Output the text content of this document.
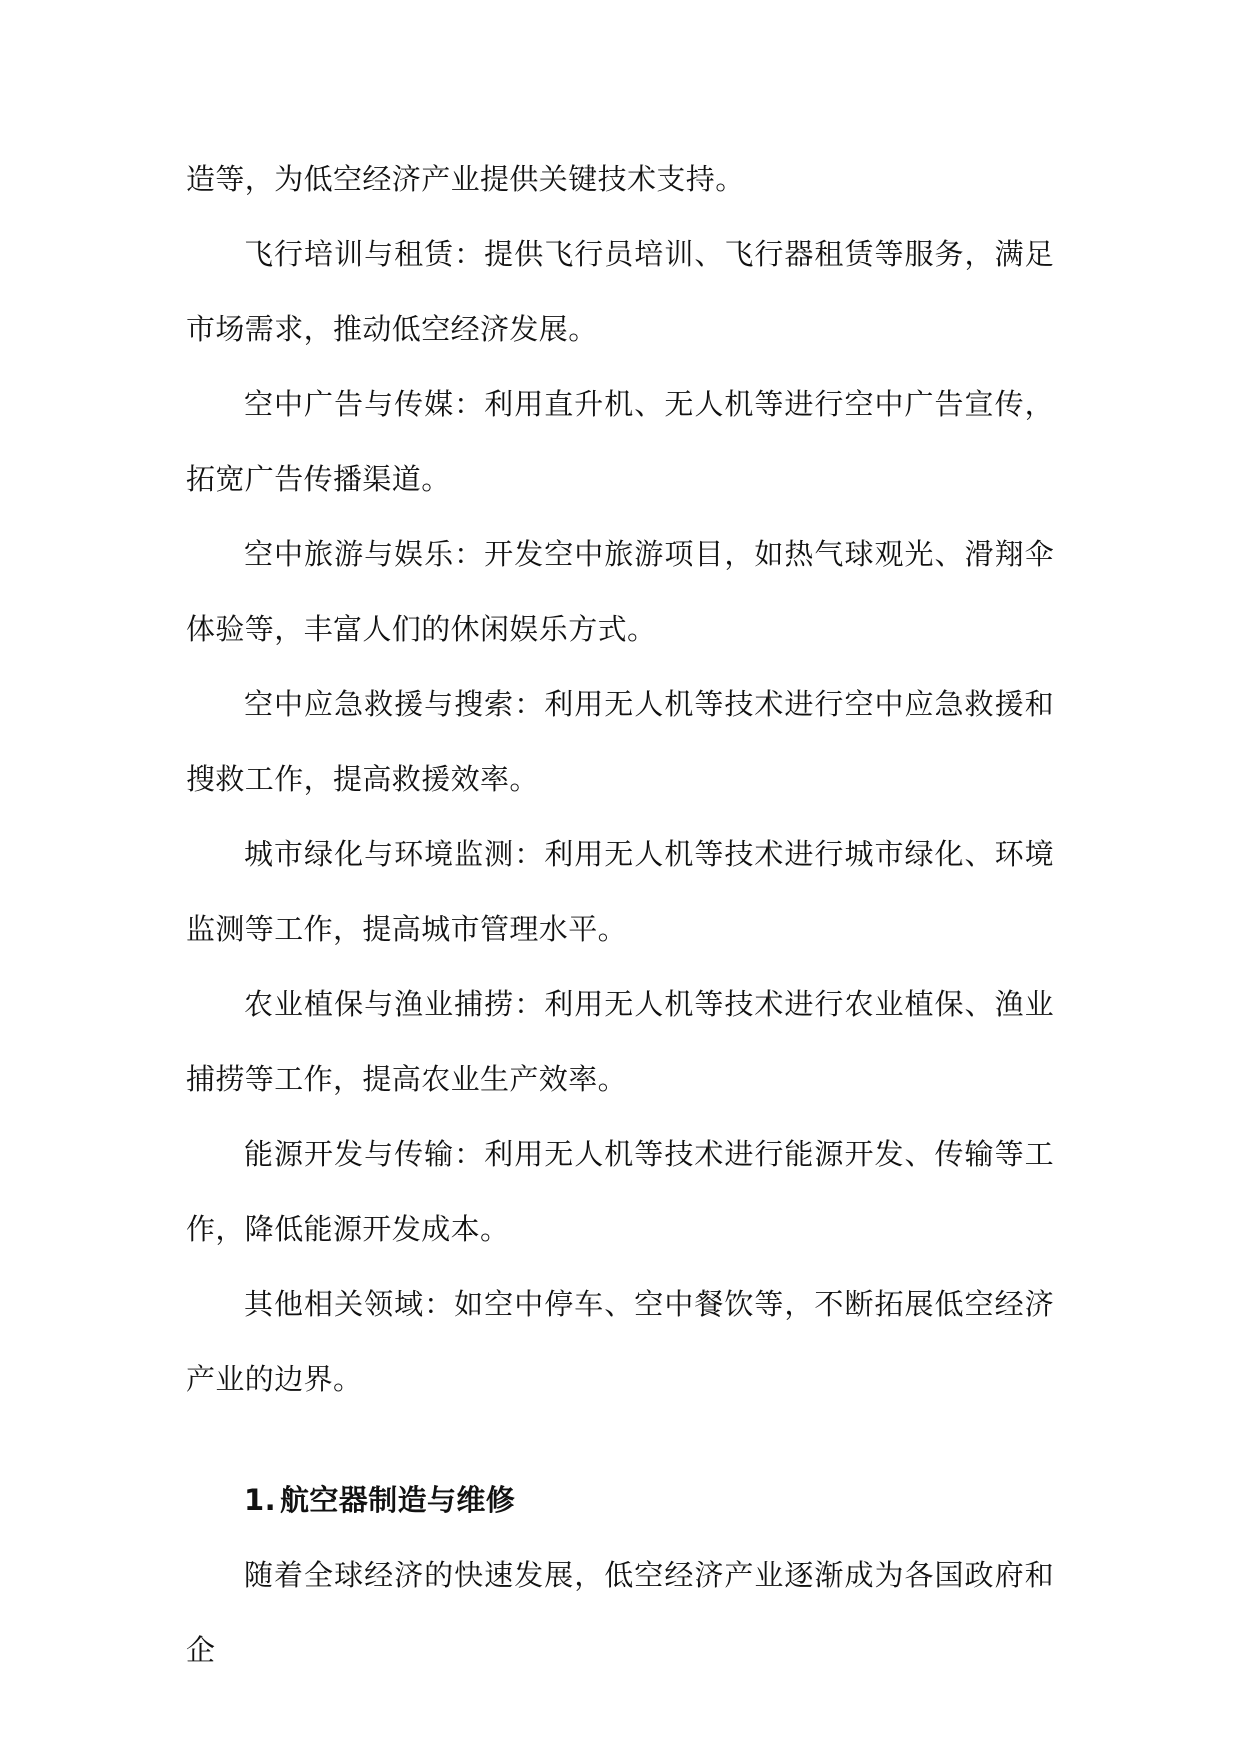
造等，为低空经济产业提供关键技术支持。

飞行培训与租赁：提供飞行员培训、飞行器租赁等服务，满足市场需求，推动低空经济发展。

空中广告与传媒：利用直升机、无人机等进行空中广告宣传，拓宽广告传播渠道。

空中旅游与娱乐：开发空中旅游项目，如热气球观光、滑翔伞体验等，丰富人们的休闲娱乐方式。

空中应急救援与搜索：利用无人机等技术进行空中应急救援和搜救工作，提高救援效率。

城市绿化与环境监测：利用无人机等技术进行城市绿化、环境监测等工作，提高城市管理水平。

农业植保与渔业捕捞：利用无人机等技术进行农业植保、渔业捕捞等工作，提高农业生产效率。

能源开发与传输：利用无人机等技术进行能源开发、传输等工作，降低能源开发成本。

其他相关领域：如空中停车、空中餐饮等，不断拓展低空经济产业的边界。

1. 航空器制造与维修

随着全球经济的快速发展，低空经济产业逐渐成为各国政府和企
